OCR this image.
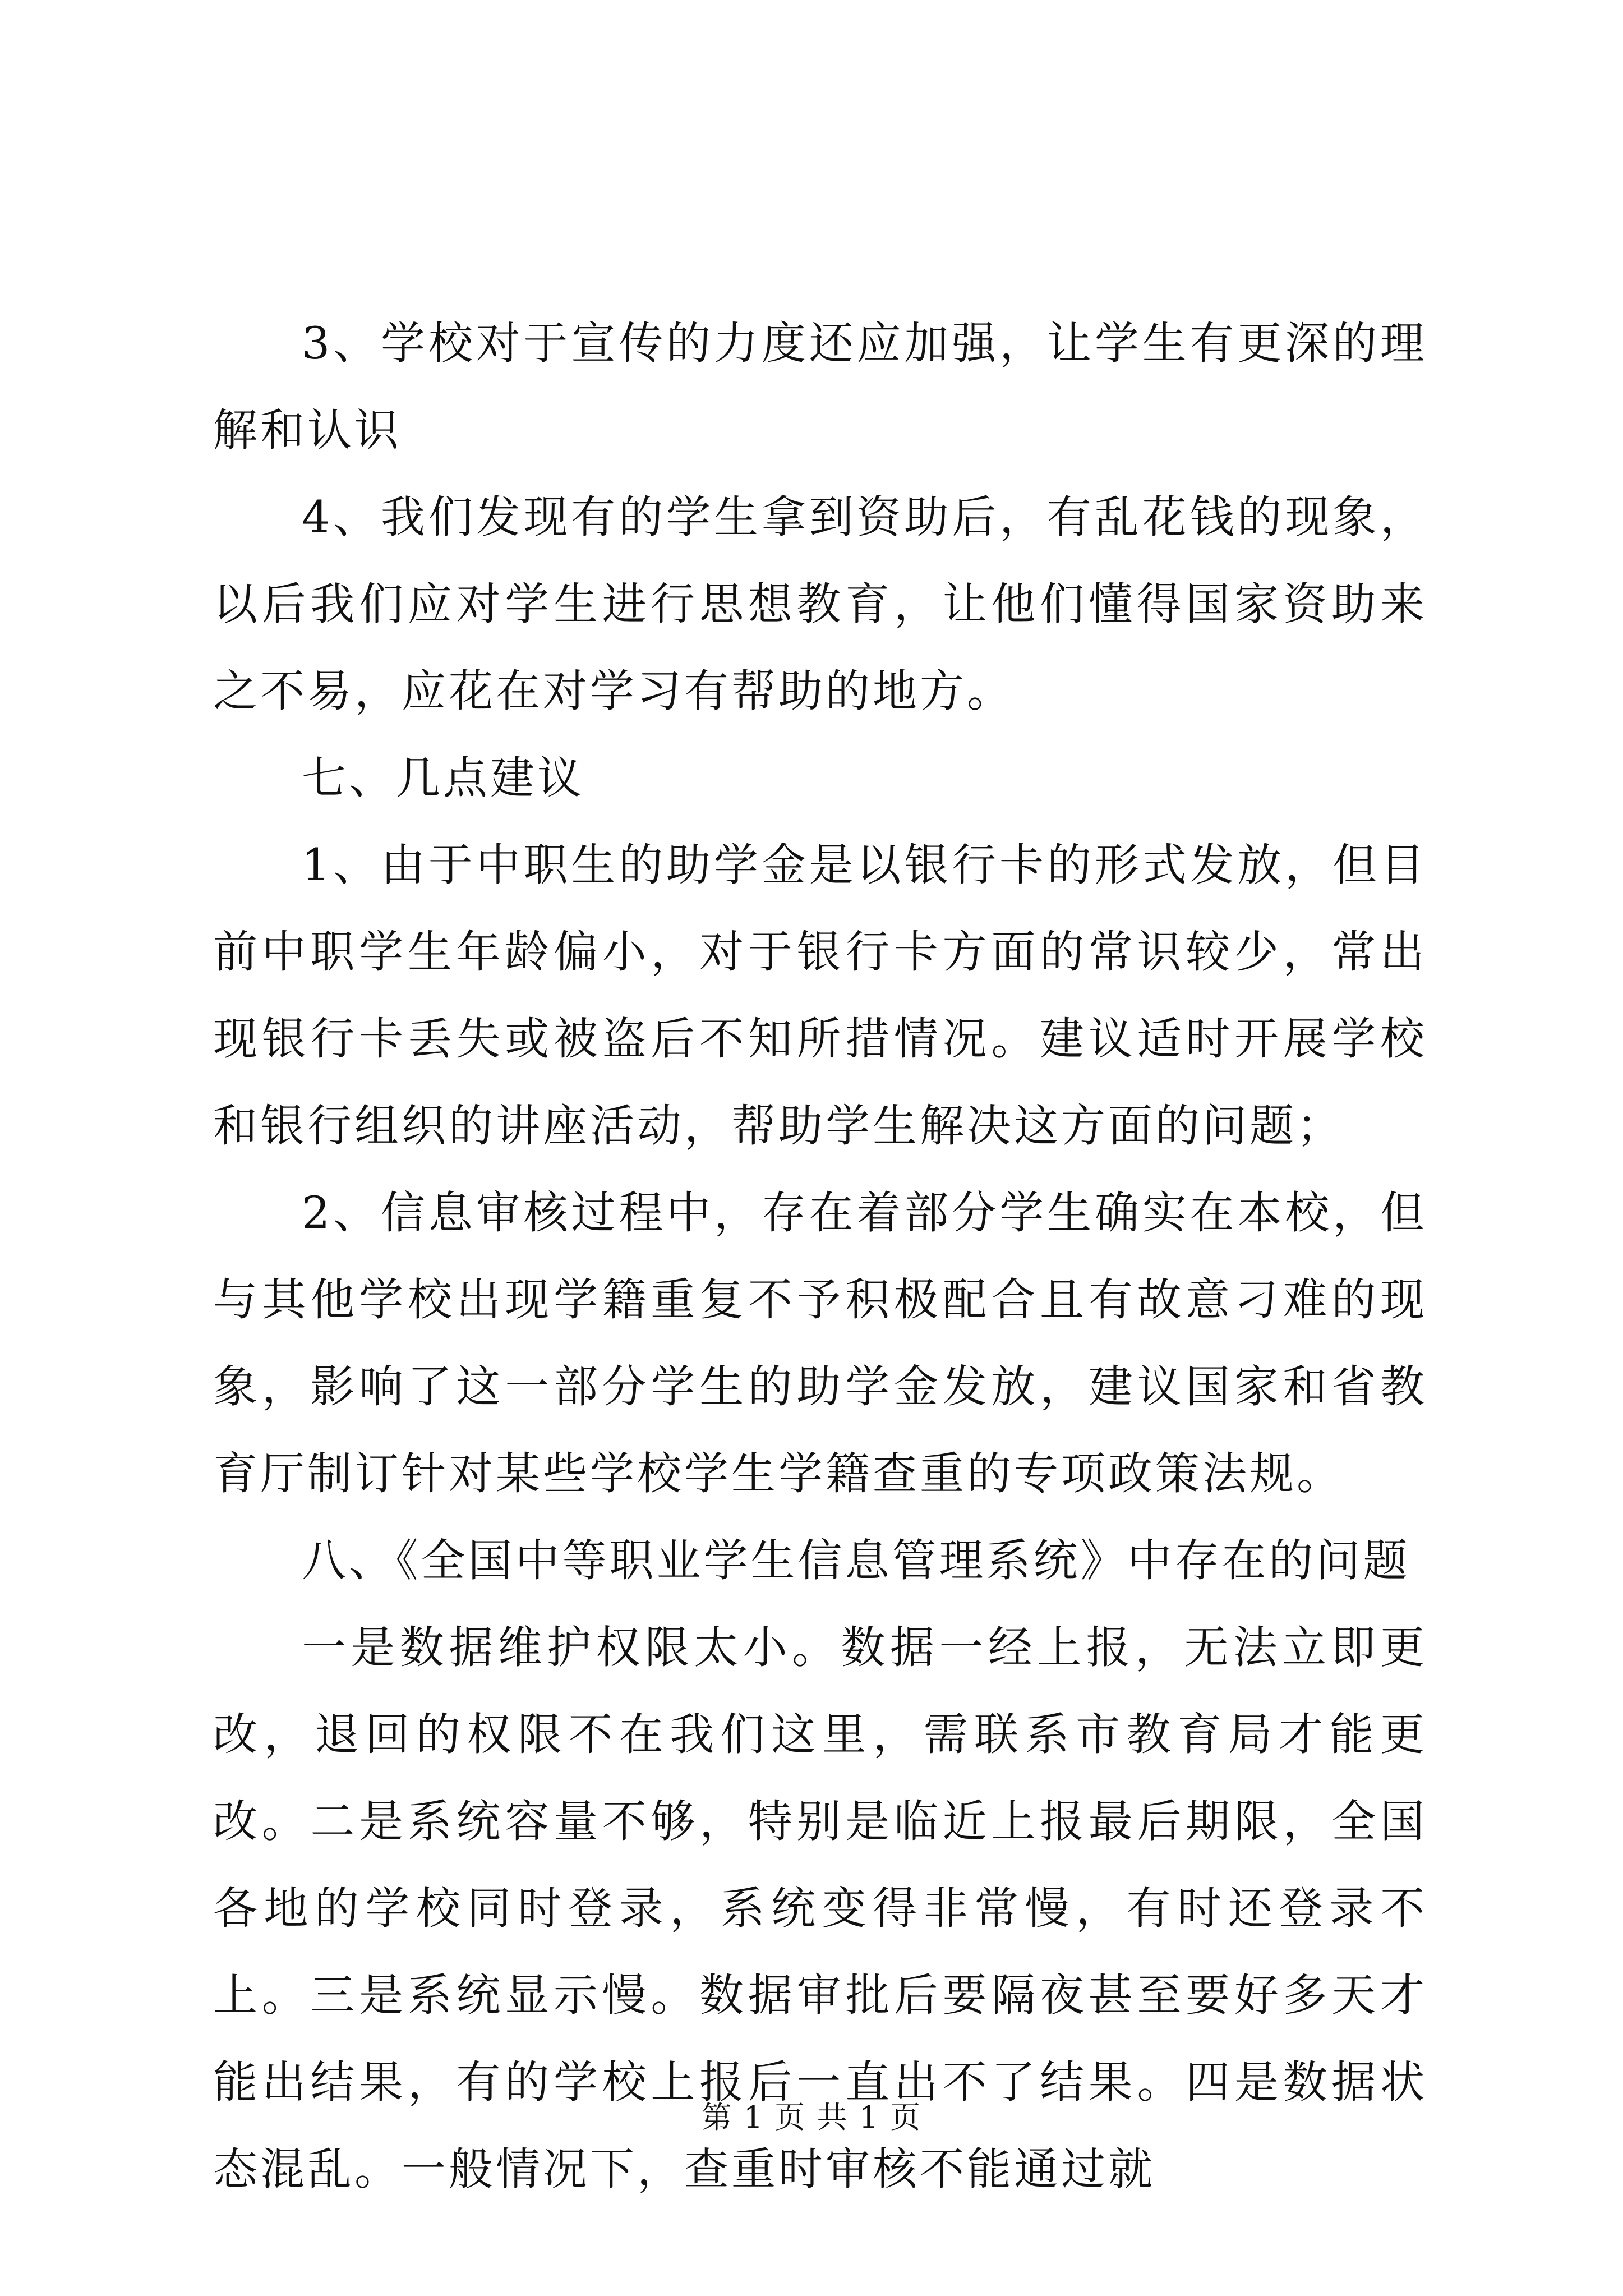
3、学校对于宣传的力度还应加强，让学生有更深的理解和认识

4、我们发现有的学生拿到资助后，有乱花钱的现象，以后我们应对学生进行思想教育，让他们懂得国家资助来之不易，应花在对学习有帮助的地方。

七、几点建议

1、由于中职生的助学金是以银行卡的形式发放，但目前中职学生年龄偏小，对于银行卡方面的常识较少，常出现银行卡丢失或被盗后不知所措情况。建议适时开展学校和银行组织的讲座活动，帮助学生解决这方面的问题；

2、信息审核过程中，存在着部分学生确实在本校，但与其他学校出现学籍重复不予积极配合且有故意刁难的现象，影响了这一部分学生的助学金发放，建议国家和省教育厅制订针对某些学校学生学籍查重的专项政策法规。

八、《全国中等职业学生信息管理系统》中存在的问题

一是数据维护权限太小。数据一经上报，无法立即更改，退回的权限不在我们这里，需联系市教育局才能更改。二是系统容量不够，特别是临近上报最后期限，全国各地的学校同时登录，系统变得非常慢，有时还登录不上。三是系统显示慢。数据审批后要隔夜甚至要好多天才能出结果，有的学校上报后一直出不了结果。四是数据状态混乱。一般情况下，查重时审核不能通过就

第 1 页 共 1 页
